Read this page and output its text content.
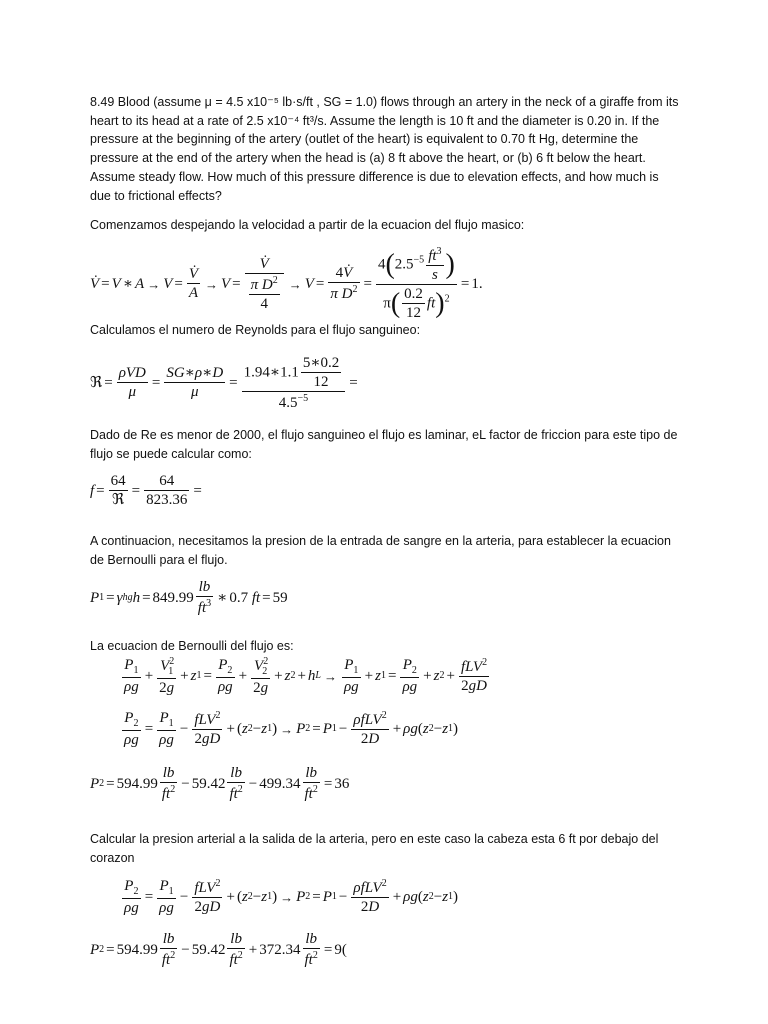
8.49 Blood (assume μ = 4.5 x10⁻⁵ lb·s/ft , SG = 1.0) flows through an artery in the neck of a giraffe from its heart to its head at a rate of 2.5 x10⁻⁴ ft³/s. Assume the length is 10 ft and the diameter is 0.20 in. If the pressure at the beginning of the artery (outlet of the heart) is equivalent to 0.70 ft Hg, determine the pressure at the end of the artery when the head is (a) 8 ft above the heart, or (b) 6 ft below the heart. Assume steady flow. How much of this pressure difference is due to elevation effects, and how much is due to frictional effects?

Comenzamos despejando la velocidad a partir de la ecuacion del flujo masico:

V̇ = V ∗ $A \to V = \frac{V̇}{A} \to V = \frac{V̇}{\frac{\pi D^2}{4}} \to V = \frac{4V̇}{\pi D^2} = \frac{4(2.5^{-5} \frac{ft^3}{s} )}{\pi( \frac{0.2}{12} ft)^2} = 1$.

Calculamos el numero de Reynolds para el flujo sanguineo:

ℜ = $\frac{\text{ρVD}}{\mu} = \frac{SG∗\rho∗D}{\mu} = \frac{1.94∗1.1 \frac{5∗0.2}{12}}{4.5^{-5}}$ =

Dado de Re es menor de 2000, el flujo sanguineo el flujo es laminar, eL factor de friccion para este tipo de flujo se puede calcular como:

$f = \frac{64}{\text{ℜ}} = \frac{64}{823.36}$ =

A continuacion, necesitamos la presion de la entrada de sangre en la arteria, para establecer la ecuacion de Bernoulli para el flujo.

P 1 = γ hg $h = 849.99 \frac{lb}{ft^3}$ ∗ 0.7
ft = 59

La ecuacion de Bernoulli del flujo es:

$\frac{P_1}{\rho g} + \frac{V^2_1}{2g} + z$ $1 = \frac{P_2}{\rho g} + \frac{V^2_2}{2g} + z$ 2 + h $L \to \frac{P_1}{\rho g} + z$ $1 = \frac{P_2}{\rho g} + z$ $2 + \frac{fLV^2}{2gD}$
$\frac{P_2}{\rho g} = \frac{P_1}{\rho g} - \frac{fLV^2}{2gD}$ + ( z 2 − z 1 ) → P 2 = P $1 - \frac{\rho fLV^2}{2D} + \rho g$ ( z 2 − z 1 )
P $2 = 594.99 \frac{lb}{ft^2} - 59.42 \frac{lb}{ft^2} - 499.34 \frac{lb}{ft^2} = 36$

Calcular la presion arterial a la salida de la arteria, pero en este caso la cabeza esta 6 ft por debajo del corazon

$\frac{P_2}{\rho g} = \frac{P_1}{\rho g} - \frac{fLV^2}{2gD}$ + ( z 2 − z 1 ) → P 2 = P $1 - \frac{\rho fLV^2}{2D} + \rho g$ ( z 2 − z 1 )
P $2 = 594.99 \frac{lb}{ft^2} - 59.42 \frac{lb}{ft^2} + 372.34 \frac{lb}{ft^2} = 9$(
